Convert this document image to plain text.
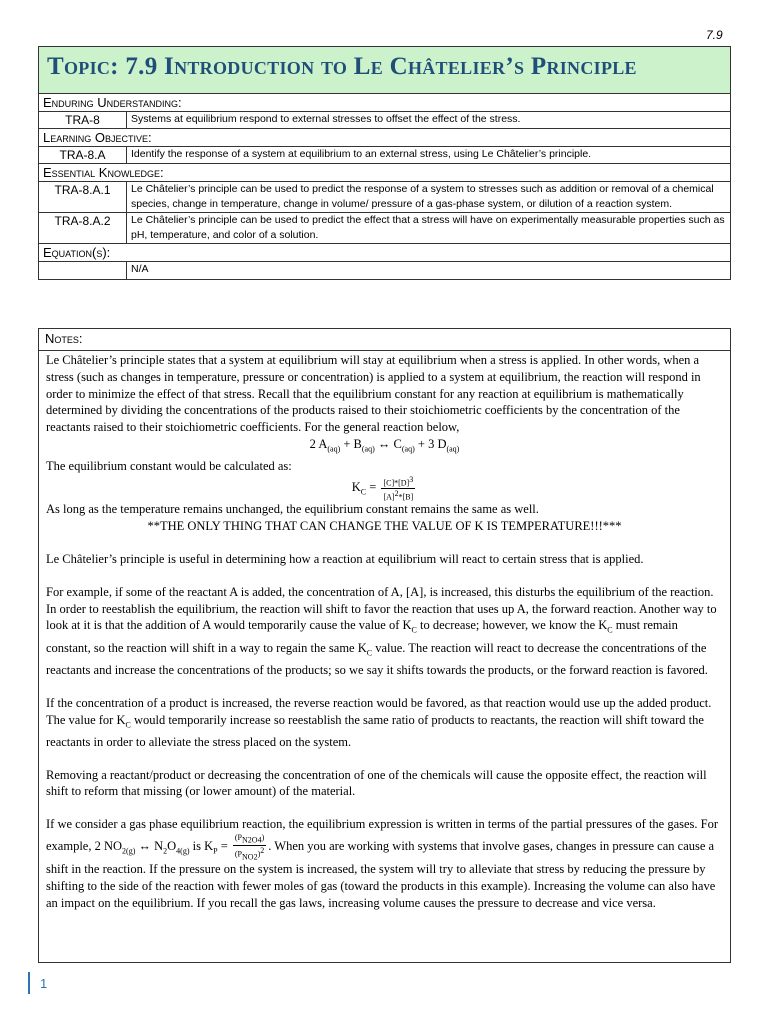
7.9
Topic: 7.9 Introduction to Le Châtelier’s Principle	
Enduring Understanding:	
TRA-8	Systems at equilibrium respond to external stresses to offset the effect of the stress.
Learning Objective:	
TRA-8.A	Identify the response of a system at equilibrium to an external stress, using Le Châtelier’s principle.
Essential Knowledge:	
TRA-8.A.1	Le Châtelier’s principle can be used to predict the response of a system to stresses such as addition or removal of a chemical species, change in temperature, change in volume/ pressure of a gas-phase system, or dilution of a reaction system.
TRA-8.A.2	Le Châtelier’s principle can be used to predict the effect that a stress will have on experimentally measurable properties such as pH, temperature, and color of a solution.
Equation(s):	
	N/A
Notes:

Le Châtelier’s principle states that a system at equilibrium will stay at equilibrium when a stress is applied. In other words, when a stress (such as changes in temperature, pressure or concentration) is applied to a system at equilibrium, the reaction will respond in order to minimize the effect of that stress. Recall that the equilibrium constant for any reaction at equilibrium is mathematically determined by dividing the concentrations of the products raised to their stoichiometric coefficients by the concentration of the reactants raised to their stoichiometric coefficients. For the general reaction below,

2 $A_{(aq)} + B_{(aq)}$ ↔ $C_{(aq)} + 3$ $D_{(aq)}$

The equilibrium constant would be calculated as:

$K_C = \frac{[C]*[D]^3}{[A]^2*[B]}$

As long as the temperature remains unchanged, the equilibrium constant remains the same as well.

**THE ONLY THING THAT CAN CHANGE THE VALUE OF K IS TEMPERATURE!!!***

Le Châtelier’s principle is useful in determining how a reaction at equilibrium will react to certain stress that is applied.

For example, if some of the reactant A is added, the concentration of A, [A], is increased, this disturbs the equilibrium of the reaction. In order to reestablish the equilibrium, the reaction will shift to favor the reaction that uses up A, the forward reaction. Another way to look at it is that the addition of A would temporarily cause the value of $K_C$ to decrease; however, we know the $K_C$ must remain constant, so the reaction will shift in a way to regain the same $K_C$ value. The reaction will react to decrease the concentrations of the reactants and increase the concentrations of the products; so we say it shifts towards the products, or the forward reaction is favored.

If the concentration of a product is increased, the reverse reaction would be favored, as that reaction would use up the added product. The value for $K_C$ would temporarily increase so reestablish the same ratio of products to reactants, the reaction will shift toward the reactants in order to alleviate the stress placed on the system.

Removing a reactant/product or decreasing the concentration of one of the chemicals will cause the opposite effect, the reaction will shift to reform that missing (or lower amount) of the material.

If we consider a gas phase equilibrium reaction, the equilibrium expression is written in terms of the partial pressures of the gases. For example, 2 $NO_{2(g)}$ ↔ $N_2O_{4(g)}$ is $K_P = \frac{(P_{N2O4})}{(P_{NO2})^2}$ . When you are working with systems that involve gases, changes in pressure can cause a shift in the reaction. If the pressure on the system is increased, the system will try to alleviate that stress by reducing the pressure by shifting to the side of the reaction with fewer moles of gas (toward the products in this example). Increasing the volume can also have an impact on the equilibrium. If you recall the gas laws, increasing volume causes the pressure to decrease and vice versa.

1
